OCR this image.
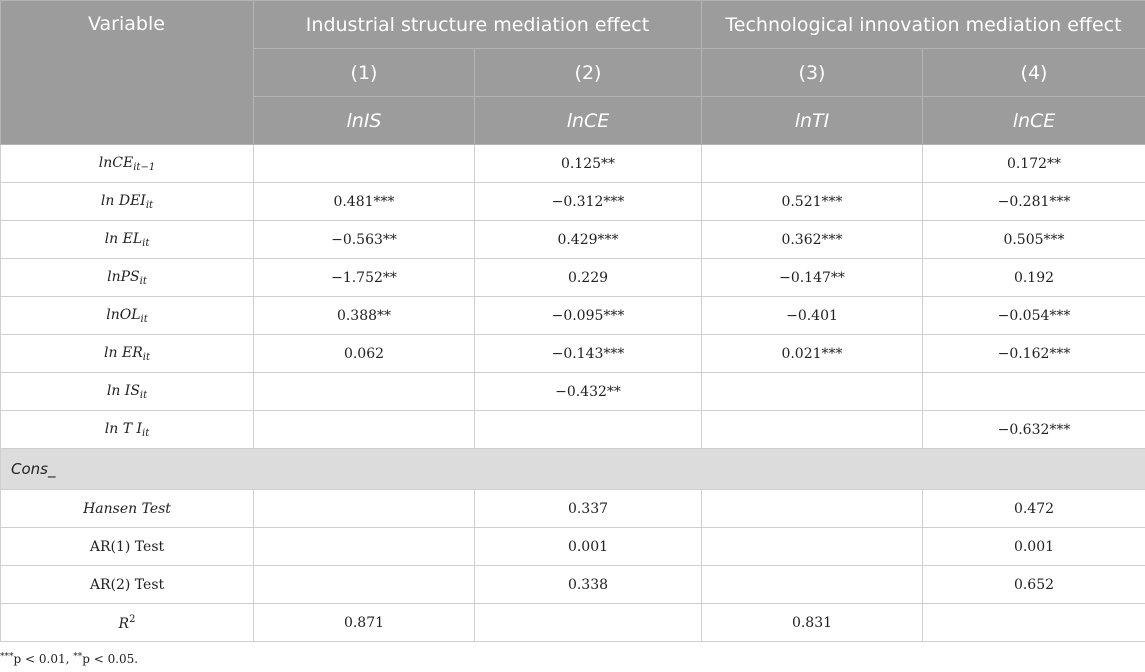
Variable	Industrial structure mediation effect		Technological innovation mediation effect	
	(1)	(2)	(3)	(4)
	lnIS	lnCE	lnTI	lnCE
lnCE$_{it-1}$		0.125**		0.172**
$\ln DEI_{it}$	0.481***	−0.312***	0.521***	−0.281***
$\ln EL_{it}$	−0.563**	0.429***	0.362***	0.505***
lnPS$_{it}$	−1.752**	0.229	−0.147**	0.192
lnOL$_{it}$	0.388**	−0.095***	−0.401	−0.054***
$\ln ER_{it}$	0.062	−0.143***	0.021***	−0.162***
$\ln IS_{it}$		−0.432**		
ln T $I_{it}$				−0.632***
Cons_				
Hansen Test		0.337		0.472
AR(1) Test		0.001		0.001
AR(2) Test		0.338		0.652
$R^2$	0.871		0.831	
***p < 0.01, **p < 0.05.
